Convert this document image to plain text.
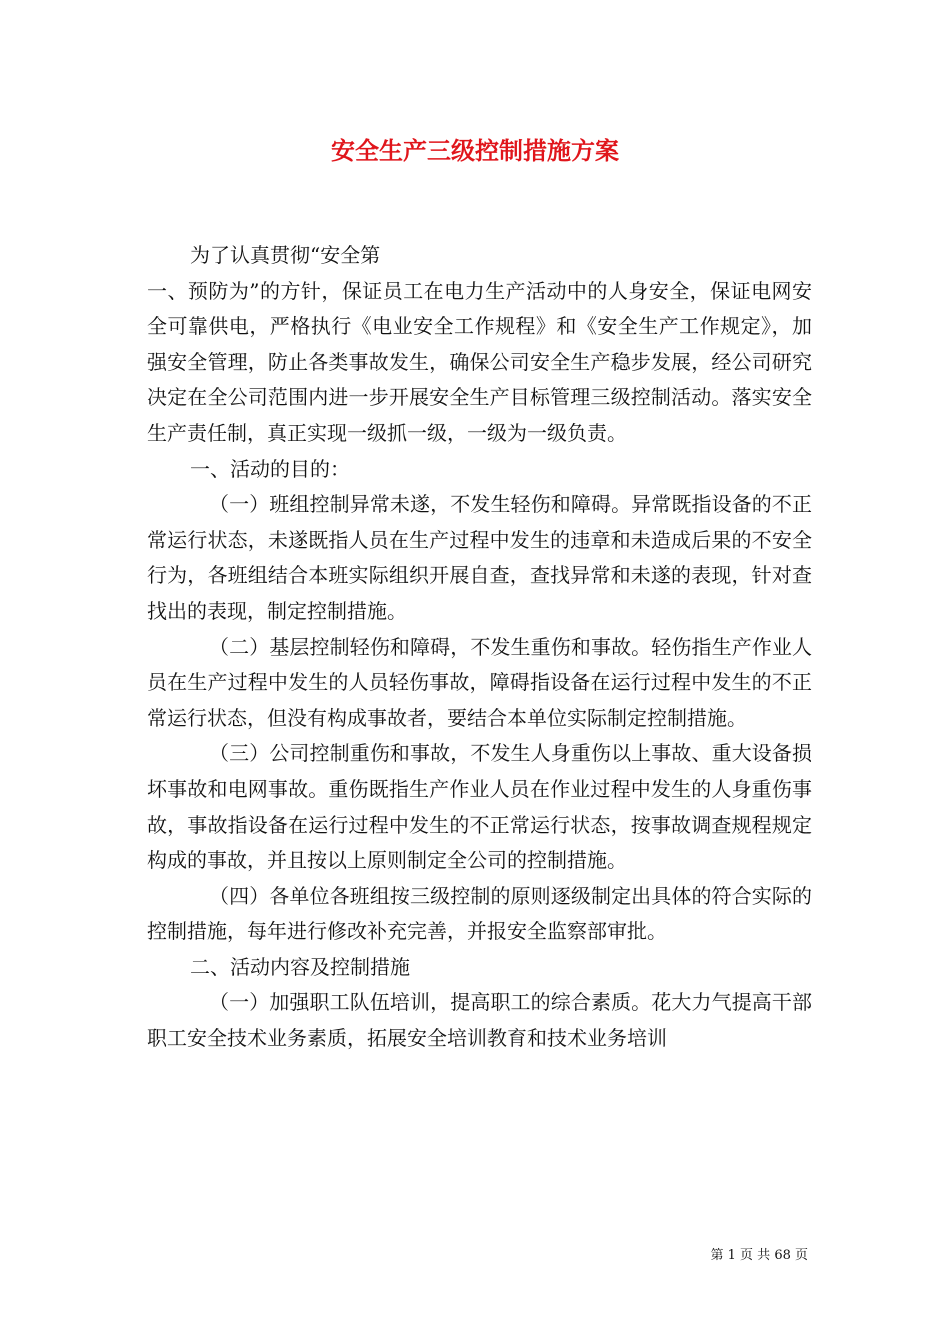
安全生产三级控制措施方案

为了认真贯彻“安全第

一、预防为”的方针，保证员工在电力生产活动中的人身安全，保证电网安全可靠供电，严格执行《电业安全工作规程》和《安全生产工作规定》，加强安全管理，防止各类事故发生，确保公司安全生产稳步发展，经公司研究决定在全公司范围内进一步开展安全生产目标管理三级控制活动。落实安全生产责任制，真正实现一级抓一级，一级为一级负责。

一、活动的目的：

（一）班组控制异常未遂，不发生轻伤和障碍。异常既指设备的不正常运行状态，未遂既指人员在生产过程中发生的违章和未造成后果的不安全行为，各班组结合本班实际组织开展自查，查找异常和未遂的表现，针对查找出的表现，制定控制措施。

（二）基层控制轻伤和障碍，不发生重伤和事故。轻伤指生产作业人员在生产过程中发生的人员轻伤事故，障碍指设备在运行过程中发生的不正常运行状态，但没有构成事故者，要结合本单位实际制定控制措施。

（三）公司控制重伤和事故，不发生人身重伤以上事故、重大设备损坏事故和电网事故。重伤既指生产作业人员在作业过程中发生的人身重伤事故，事故指设备在运行过程中发生的不正常运行状态，按事故调查规程规定构成的事故，并且按以上原则制定全公司的控制措施。

（四）各单位各班组按三级控制的原则逐级制定出具体的符合实际的控制措施，每年进行修改补充完善，并报安全监察部审批。

二、活动内容及控制措施

（一）加强职工队伍培训，提高职工的综合素质。花大力气提高干部职工安全技术业务素质，拓展安全培训教育和技术业务培训

第 1 页 共 68 页
